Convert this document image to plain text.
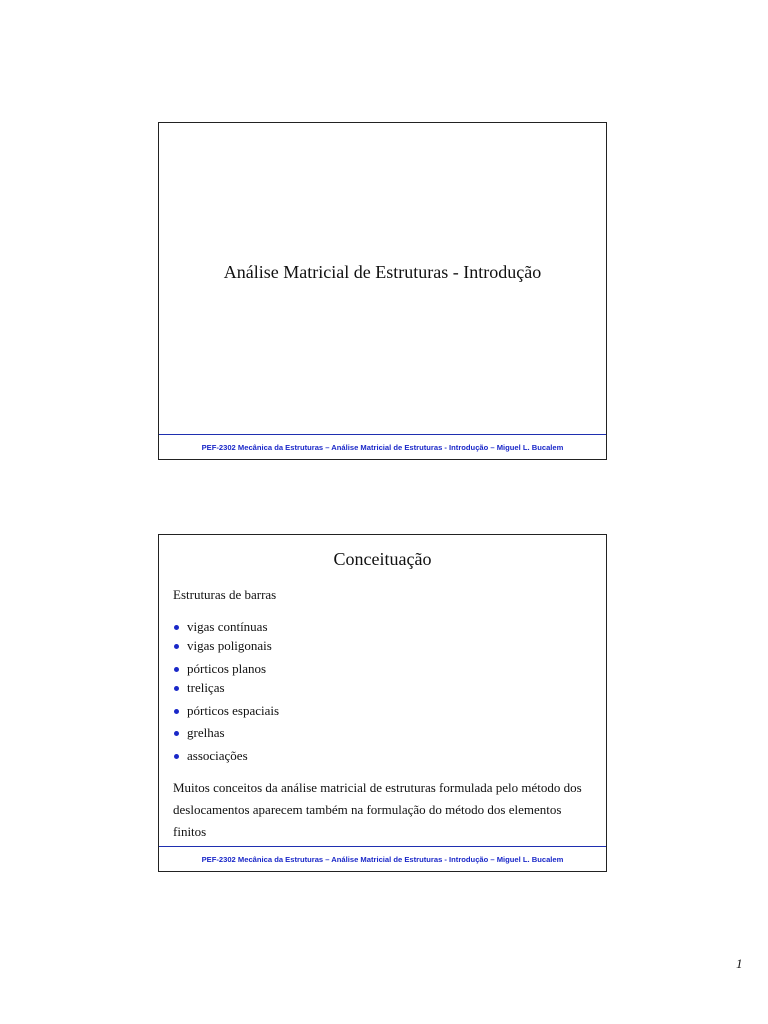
Análise Matricial de Estruturas - Introdução
PEF-2302 Mecânica da Estruturas – Análise Matricial de Estruturas - Introdução – Miguel L. Bucalem
Conceituação
Estruturas de barras
vigas contínuas
vigas poligonais
pórticos planos
treliças
pórticos espaciais
grelhas
associações
Muitos conceitos da análise matricial de estruturas formulada pelo método dos deslocamentos aparecem também na formulação do método dos elementos finitos
PEF-2302 Mecânica da Estruturas – Análise Matricial de Estruturas - Introdução – Miguel L. Bucalem
1
